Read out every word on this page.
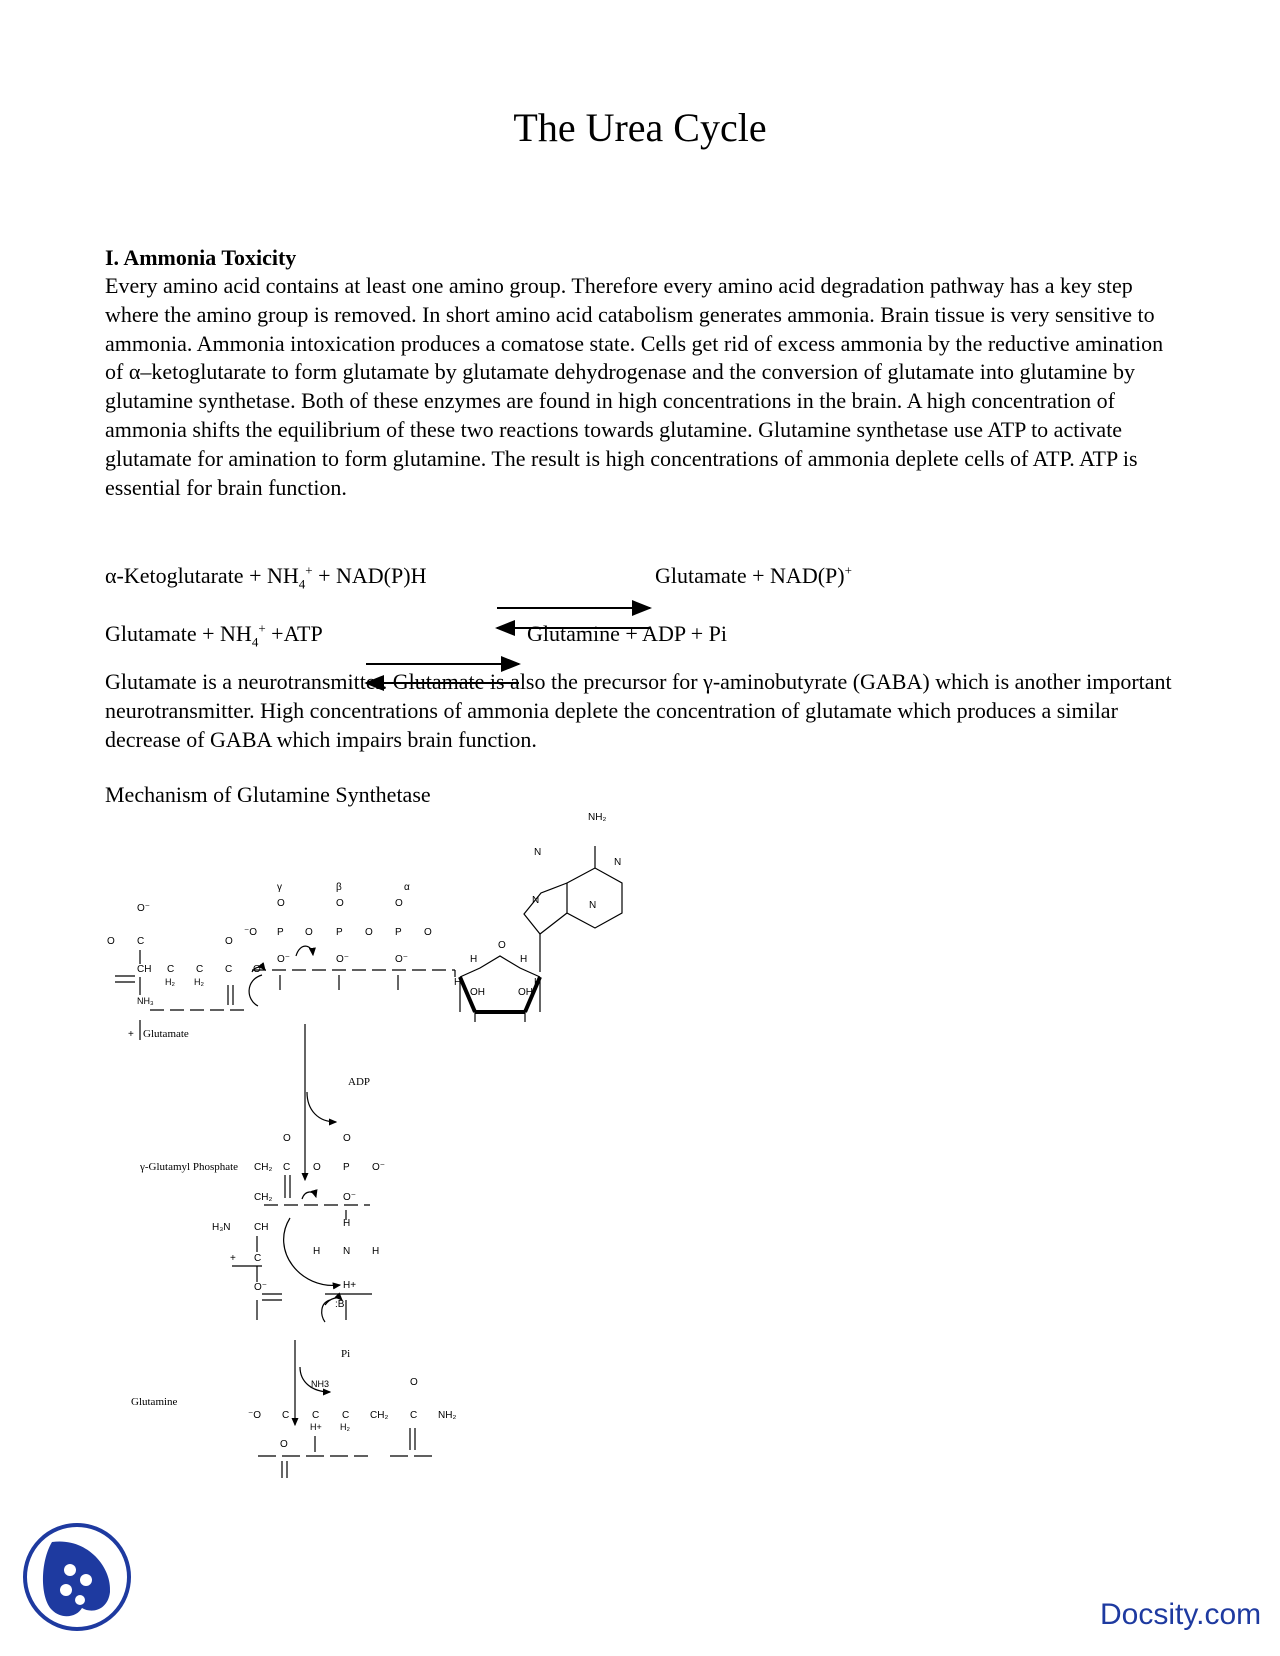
The Urea Cycle
I. Ammonia Toxicity

Every amino acid contains at least one amino group. Therefore every amino acid degradation pathway has a key step where the amino group is removed. In short amino acid catabolism generates ammonia. Brain tissue is very sensitive to ammonia. Ammonia intoxication produces a comatose state. Cells get rid of excess ammonia by the reductive amination of α–ketoglutarate to form glutamate by glutamate dehydrogenase and the conversion of glutamate into glutamine by glutamine synthetase. Both of these enzymes are found in high concentrations in the brain. A high concentration of ammonia shifts the equilibrium of these two reactions towards glutamine. Glutamine synthetase use ATP to activate glutamate for amination to form glutamine. The result is high concentrations of ammonia deplete cells of ATP. ATP is essential for brain function.

α-Ketoglutarate + $NH_4^+ + NAD(P)H$	Glutamate + NAD(P)+
Glutamate + $NH_4^+ +ATP$	Glutamine + ADP + Pi

Glutamate is a neurotransmitter. Glutamate is also the precursor for γ-aminobutyrate (GABA) which is another important neurotransmitter. High concentrations of ammonia deplete the concentration of glutamate which produces a similar decrease of GABA which impairs brain function.

Mechanism of Glutamine Synthetase

NH₂
N
N
N	N
O
H	H
H	H
OH	OH
γ	β	α
O	O	O
⁻O P O P O P O
O⁻	O⁻	O⁻
O⁻
O C	O
CH C C C O
H₂ H₂
NH₃
+ Glutamate
ADP
γ-Glutamyl Phosphate
O	O
CH₂ C O P O⁻
CH₂	O⁻
H₃N CH	H
+ C
H N H
O⁻	H+
:B
Pi
NH3
Glutamine
O
⁻O C C C CH₂ C NH₂
H+ H₂
O
Docsity.com
